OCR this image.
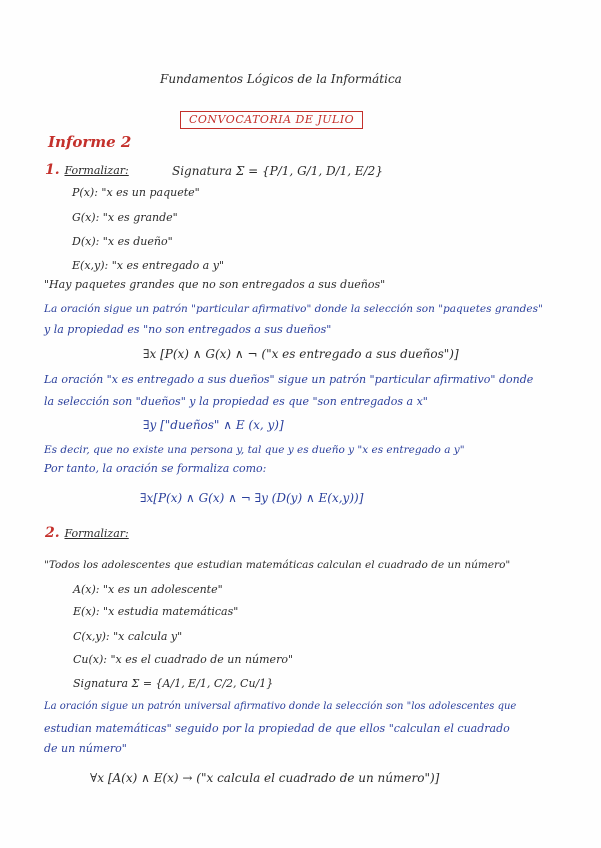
Fundamentos Lógicos de la Informática
CONVOCATORIA DE JULIO
Informe 2
1. Formalizar:	Signatura Σ = {P/1, G/1, D/1, E/2}
P(x): "x es un paquete"
G(x): "x es grande"
D(x): "x es dueño"
E(x,y): "x es entregado a y"
"Hay paquetes grandes que no son entregados a sus dueños"
La oración sigue un patrón "particular afirmativo" donde la selección son "paquetes grandes"
y la propiedad es "no son entregados a sus dueños"
∃x [P(x) ∧ G(x) ∧ ¬ ("x es entregado a sus dueños")]
La oración "x es entregado a sus dueños" sigue un patrón "particular afirmativo" donde
la selección son "dueños" y la propiedad es que "son entregados a x"
∃y ["dueños" ∧ E (x, y)]
Es decir, que no existe una persona y, tal que y es dueño y "x es entregado a y"
Por tanto, la oración se formaliza como:
∃x[P(x) ∧ G(x) ∧ ¬ ∃y (D(y) ∧ E(x,y))]
2. Formalizar:
"Todos los adolescentes que estudian matemáticas calculan el cuadrado de un número"
A(x): "x es un adolescente"
E(x): "x estudia matemáticas"
C(x,y): "x calcula y"
Cu(x): "x es el cuadrado de un número"
Signatura Σ = {A/1, E/1, C/2, Cu/1}
La oración sigue un patrón universal afirmativo donde la selección son "los adolescentes que
estudian matemáticas" seguido por la propiedad de que ellos "calculan el cuadrado
de un número"
∀x [A(x) ∧ E(x) → ("x calcula el cuadrado de un número")]
